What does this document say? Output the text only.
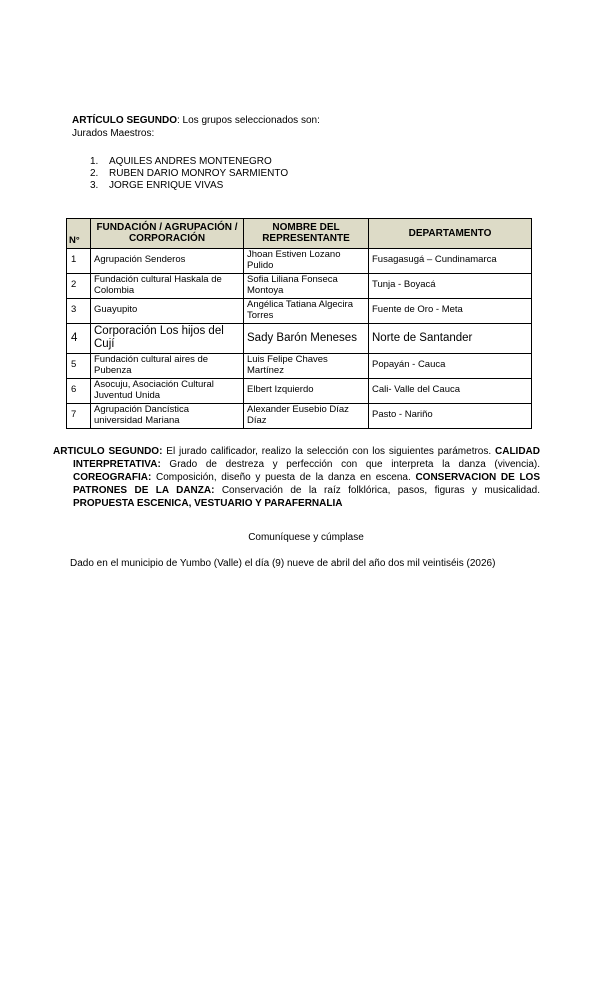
ARTÍCULO SEGUNDO: Los grupos seleccionados son:
Jurados Maestros:
1.	AQUILES ANDRES MONTENEGRO
2.	RUBEN DARIO MONROY SARMIENTO
3.	JORGE ENRIQUE VIVAS
N°	FUNDACIÓN / AGRUPACIÓN / CORPORACIÓN	NOMBRE DEL REPRESENTANTE	DEPARTAMENTO
1	Agrupación Senderos	Jhoan Estiven Lozano Pulido	Fusagasugá – Cundinamarca
2	Fundación cultural Haskala de Colombia	Sofia Liliana Fonseca Montoya	Tunja - Boyacá
3	Guayupito	Angélica Tatiana Algecira Torres	Fuente de Oro - Meta
4	Corporación Los hijos del Cují	Sady Barón Meneses	Norte de Santander
5	Fundación cultural aires de Pubenza	Luis Felipe Chaves Martínez	Popayán - Cauca
6	Asocuju, Asociación Cultural Juventud Unida	Elbert Izquierdo	Cali- Valle del Cauca
7	Agrupación Dancística universidad Mariana	Alexander Eusebio Díaz Díaz	Pasto - Nariño
ARTICULO SEGUNDO: El jurado calificador, realizo la selección con los siguientes parámetros. CALIDAD INTERPRETATIVA: Grado de destreza y perfección con que interpreta la danza (vivencia). COREOGRAFIA: Composición, diseño y puesta de la danza en escena. CONSERVACION DE LOS PATRONES DE LA DANZA: Conservación de la raíz folklórica, pasos, figuras y musicalidad. PROPUESTA ESCENICA, VESTUARIO Y PARAFERNALIA
Comuníquese y cúmplase
Dado en el municipio de Yumbo (Valle) el día (9) nueve de abril del año dos mil veintiséis (2026)
